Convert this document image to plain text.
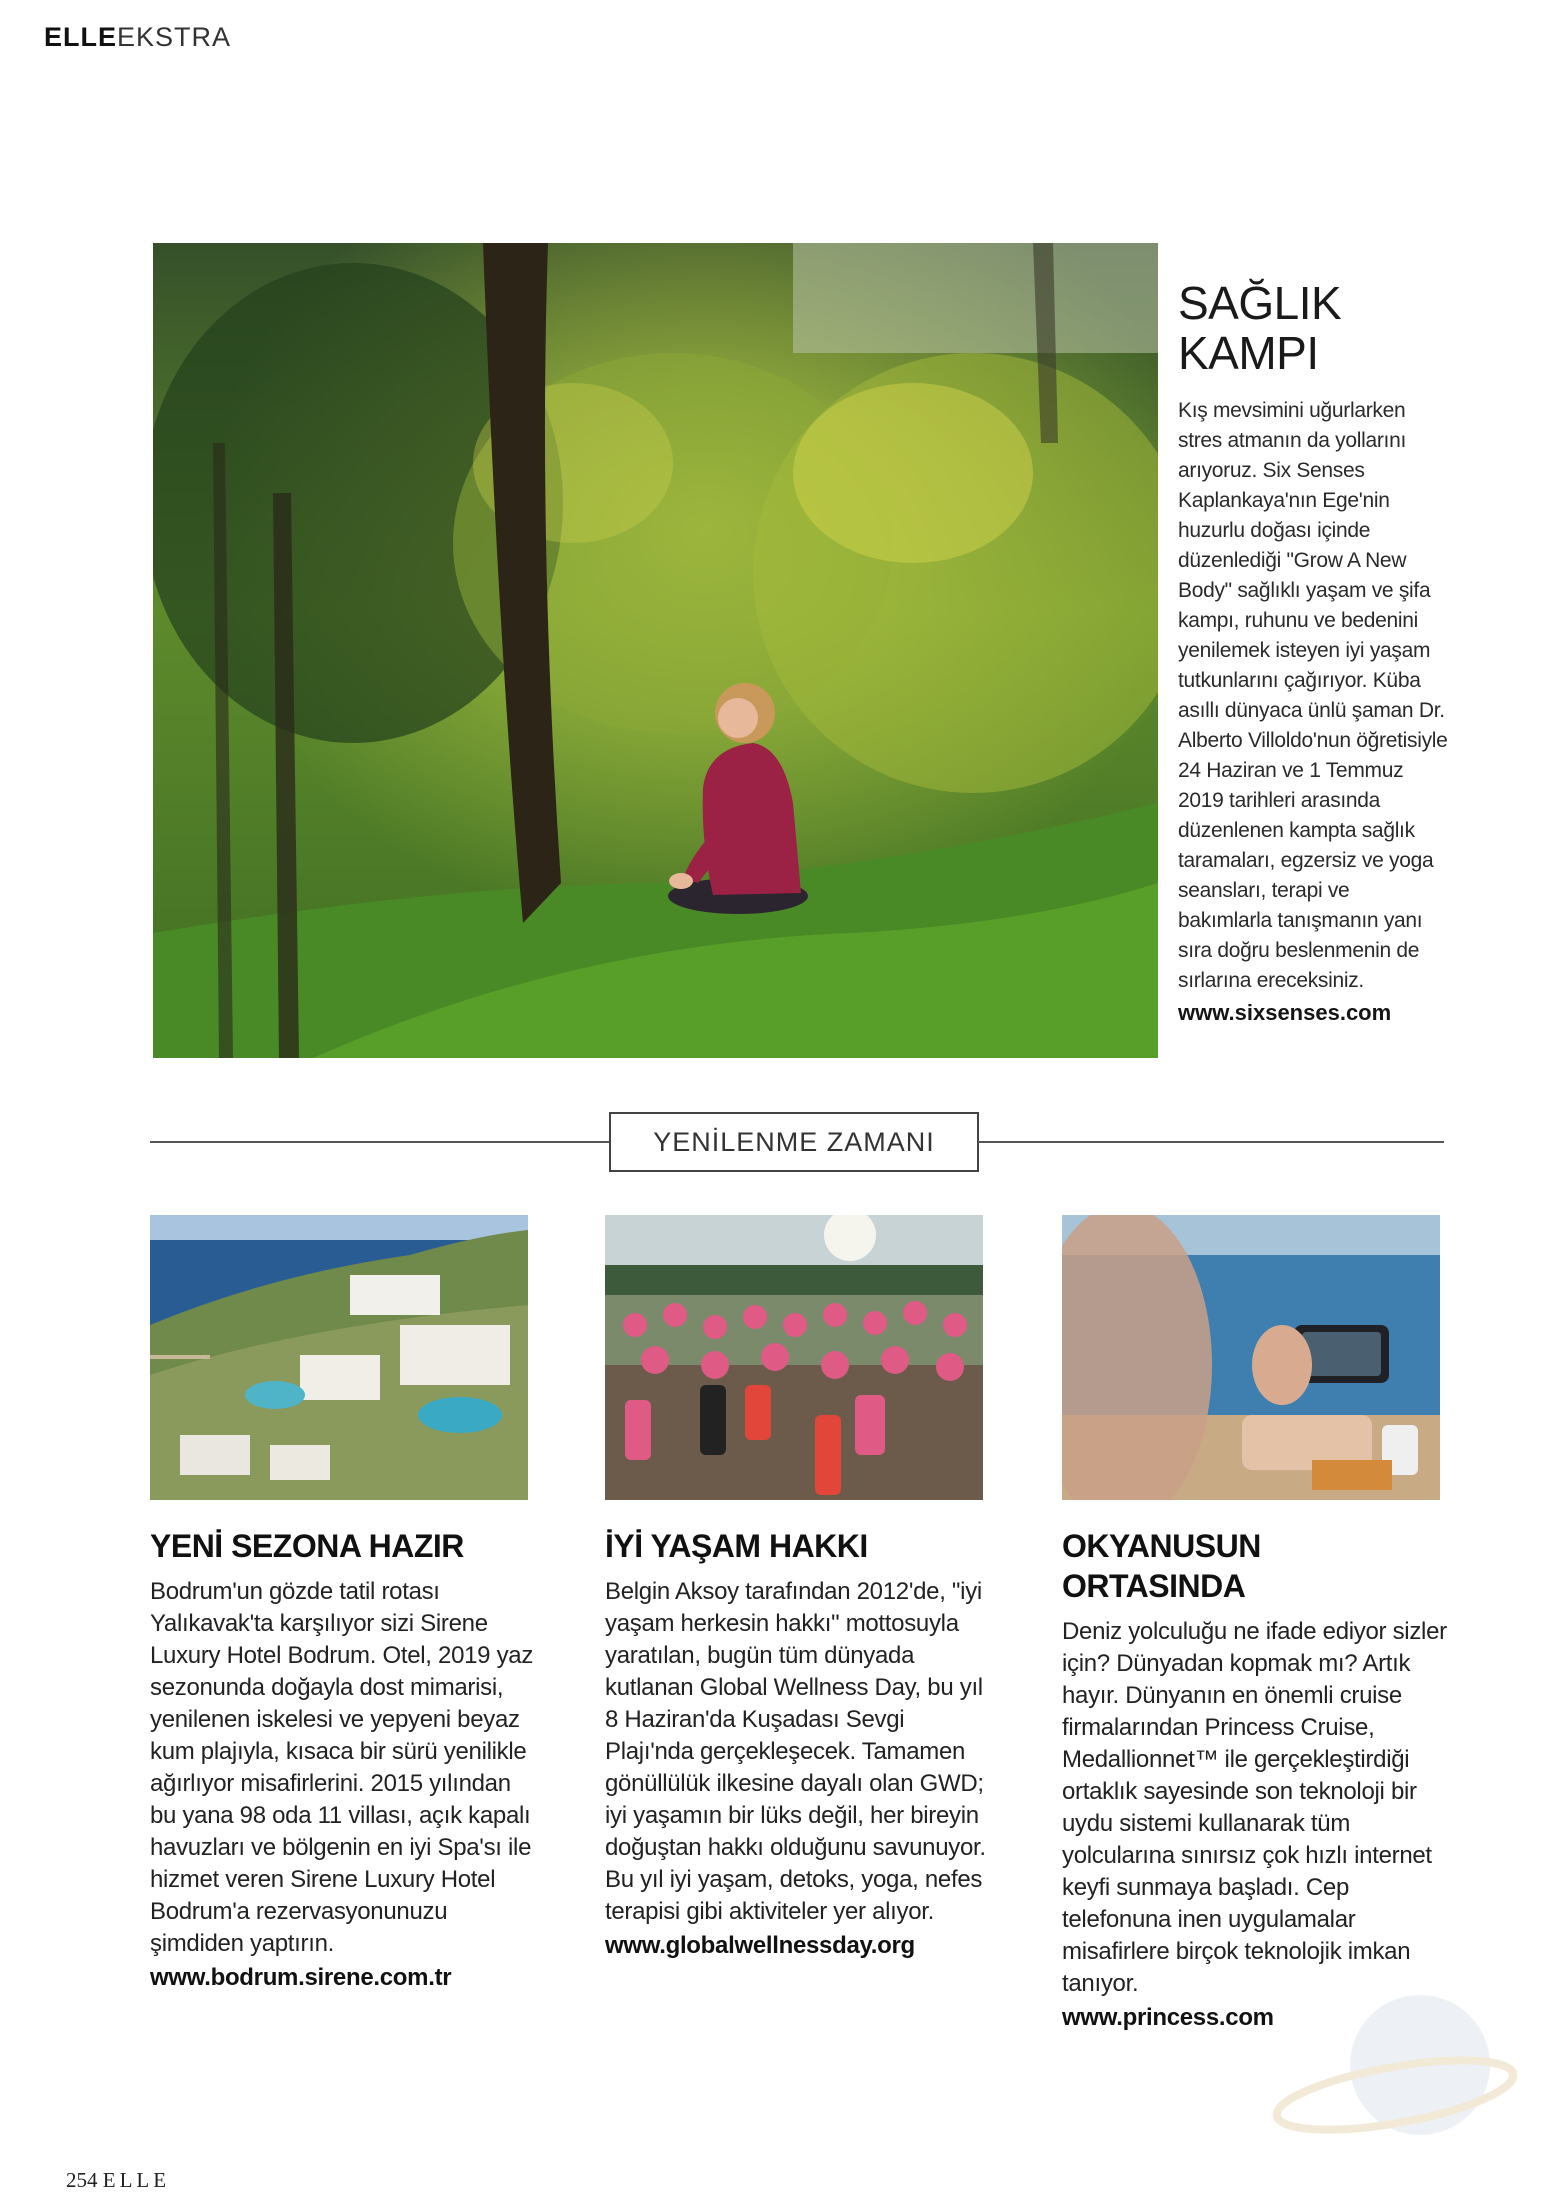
ELLEEKSTRA
SAĞLIK
KAMPI

Kış mevsimini uğurlarken stres atmanın da yollarını arıyoruz. Six Senses Kaplankaya'nın Ege'nin huzurlu doğası içinde düzenlediği "Grow A New Body" sağlıklı yaşam ve şifa kampı, ruhunu ve bedenini yenilemek isteyen iyi yaşam tutkunlarını çağırıyor. Küba asıllı dünyaca ünlü şaman Dr. Alberto Villoldo'nun öğretisiyle 24 Haziran ve 1 Temmuz 2019 tarihleri arasında düzenlenen kampta sağlık taramaları, egzersiz ve yoga seansları, terapi ve bakımlarla tanışmanın yanı sıra doğru beslenmenin de sırlarına ereceksiniz.

www.sixsenses.com
YENİLENME ZAMANI
YENİ SEZONA HAZIR

Bodrum'un gözde tatil rotası Yalıkavak'ta karşılıyor sizi Sirene Luxury Hotel Bodrum. Otel, 2019 yaz sezonunda doğayla dost mimarisi, yenilenen iskelesi ve yepyeni beyaz kum plajıyla, kısaca bir sürü yenilikle ağırlıyor misafirlerini. 2015 yılından bu yana 98 oda 11 villası, açık kapalı havuzları ve bölgenin en iyi Spa'sı ile hizmet veren Sirene Luxury Hotel Bodrum'a rezervasyonunuzu şimdiden yaptırın.

www.bodrum.sirene.com.tr
İYİ YAŞAM HAKKI

Belgin Aksoy tarafından 2012'de, "iyi yaşam herkesin hakkı" mottosuyla yaratılan, bugün tüm dünyada kutlanan Global Wellness Day, bu yıl 8 Haziran'da Kuşadası Sevgi Plajı'nda gerçekleşecek. Tamamen gönüllülük ilkesine dayalı olan GWD; iyi yaşamın bir lüks değil, her bireyin doğuştan hakkı olduğunu savunuyor. Bu yıl iyi yaşam, detoks, yoga, nefes terapisi gibi aktiviteler yer alıyor.

www.globalwellnessday.org
OKYANUSUN ORTASINDA

Deniz yolculuğu ne ifade ediyor sizler için? Dünyadan kopmak mı? Artık hayır. Dünyanın en önemli cruise firmalarından Princess Cruise, Medallionnet™ ile gerçekleştirdiği ortaklık sayesinde son teknoloji bir uydu sistemi kullanarak tüm yolcularına sınırsız çok hızlı internet keyfi sunmaya başladı. Cep telefonuna inen uygulamalar misafirlere birçok teknolojik imkan tanıyor.

www.princess.com
254 ELLE
